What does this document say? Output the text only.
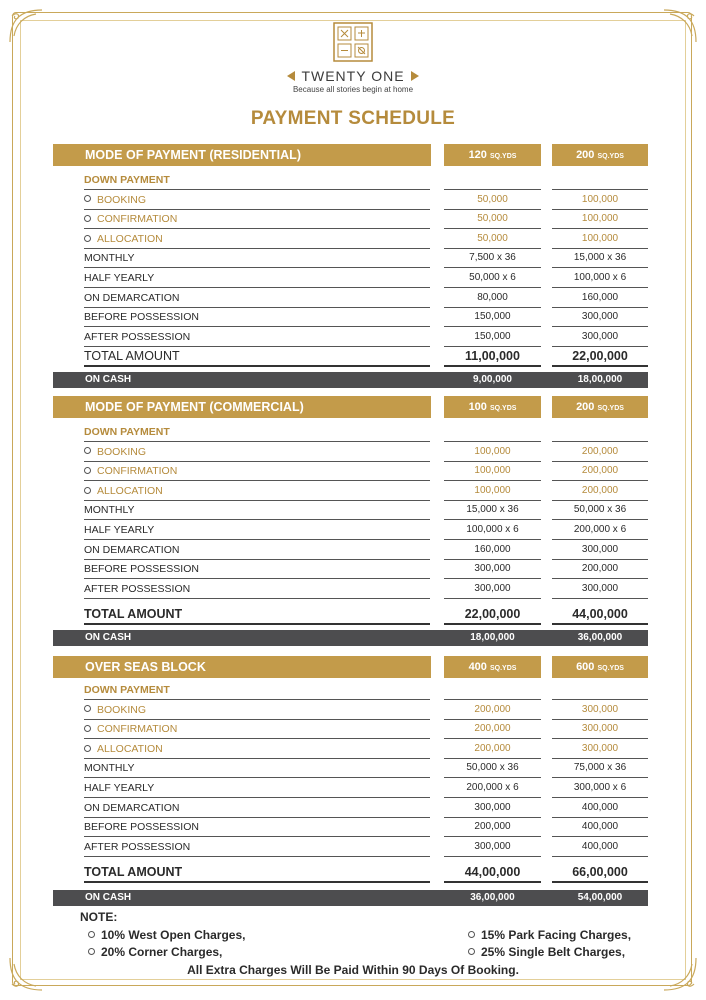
TWENTY ONE
Because all stories begin at home
PAYMENT SCHEDULE
MODE OF PAYMENT (RESIDENTIAL)	120 SQ.YDS	200 SQ.YDS
DOWN PAYMENT
BOOKING	50,000	100,000
CONFIRMATION	50,000	100,000
ALLOCATION	50,000	100,000
MONTHLY	7,500 x 36	15,000 x 36
HALF YEARLY	50,000 x 6	100,000 x 6
ON DEMARCATION	80,000	160,000
BEFORE POSSESSION	150,000	300,000
AFTER POSSESSION	150,000	300,000
TOTAL AMOUNT	11,00,000	22,00,000
ON CASH	9,00,000	18,00,000
MODE OF PAYMENT (COMMERCIAL)	100 SQ.YDS	200 SQ.YDS
DOWN PAYMENT
BOOKING	100,000	200,000
CONFIRMATION	100,000	200,000
ALLOCATION	100,000	200,000
MONTHLY	15,000 x 36	50,000 x 36
HALF YEARLY	100,000 x 6	200,000 x 6
ON DEMARCATION	160,000	300,000
BEFORE POSSESSION	300,000	200,000
AFTER POSSESSION	300,000	300,000
TOTAL AMOUNT	22,00,000	44,00,000
ON CASH	18,00,000	36,00,000
OVER SEAS BLOCK	400 SQ.YDS	600 SQ.YDS
DOWN PAYMENT
BOOKING	200,000	300,000
CONFIRMATION	200,000	300,000
ALLOCATION	200,000	300,000
MONTHLY	50,000 x 36	75,000 x 36
HALF YEARLY	200,000 x 6	300,000 x 6
ON DEMARCATION	300,000	400,000
BEFORE POSSESSION	200,000	400,000
AFTER POSSESSION	300,000	400,000
TOTAL AMOUNT	44,00,000	66,00,000
ON CASH	36,00,000	54,00,000
NOTE:
10% West Open Charges,
20% Corner Charges,
15% Park Facing Charges,
25% Single Belt Charges,
All Extra Charges Will Be Paid Within 90 Days Of Booking.
